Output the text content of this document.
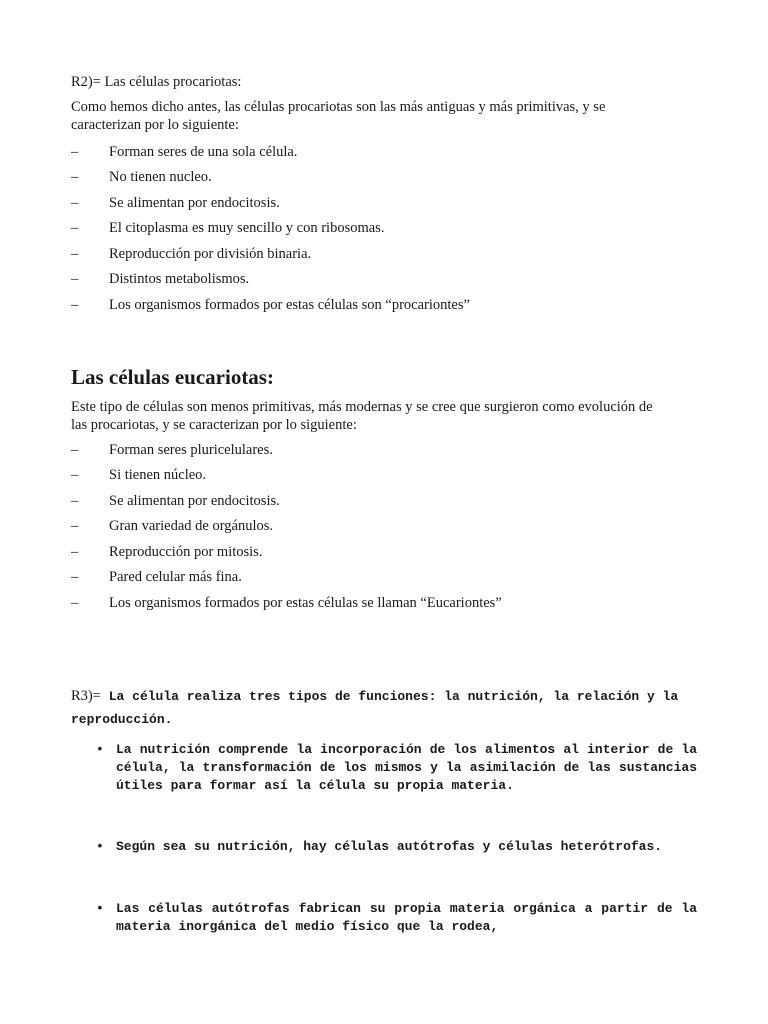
R2)= Las células procariotas:
Como hemos dicho antes, las células procariotas son las más antiguas y más primitivas, y se caracterizan por lo siguiente:
– Forman seres de una sola célula.
– No tienen nucleo.
– Se alimentan por endocitosis.
– El citoplasma es muy sencillo y con ribosomas.
– Reproducción por división binaria.
– Distintos metabolismos.
– Los organismos formados por estas células son “procariontes”
Las células eucariotas:
Este tipo de células son menos primitivas, más modernas y se cree que surgieron como evolución de las procariotas, y se caracterizan por lo siguiente:
– Forman seres pluricelulares.
– Si tienen núcleo.
– Se alimentan por endocitosis.
– Gran variedad de orgánulos.
– Reproducción por mitosis.
– Pared celular más fina.
– Los organismos formados por estas células se llaman “Eucariontes”
R3)= La célula realiza tres tipos de funciones: la nutrición, la relación y la reproducción.
• La nutrición comprende la incorporación de los alimentos al interior de la célula, la transformación de los mismos y la asimilación de las sustancias útiles para formar así la célula su propia materia.
• Según sea su nutrición, hay células autótrofas y células heterótrofas.
• Las células autótrofas fabrican su propia materia orgánica a partir de la materia inorgánica del medio físico que la rodea,
